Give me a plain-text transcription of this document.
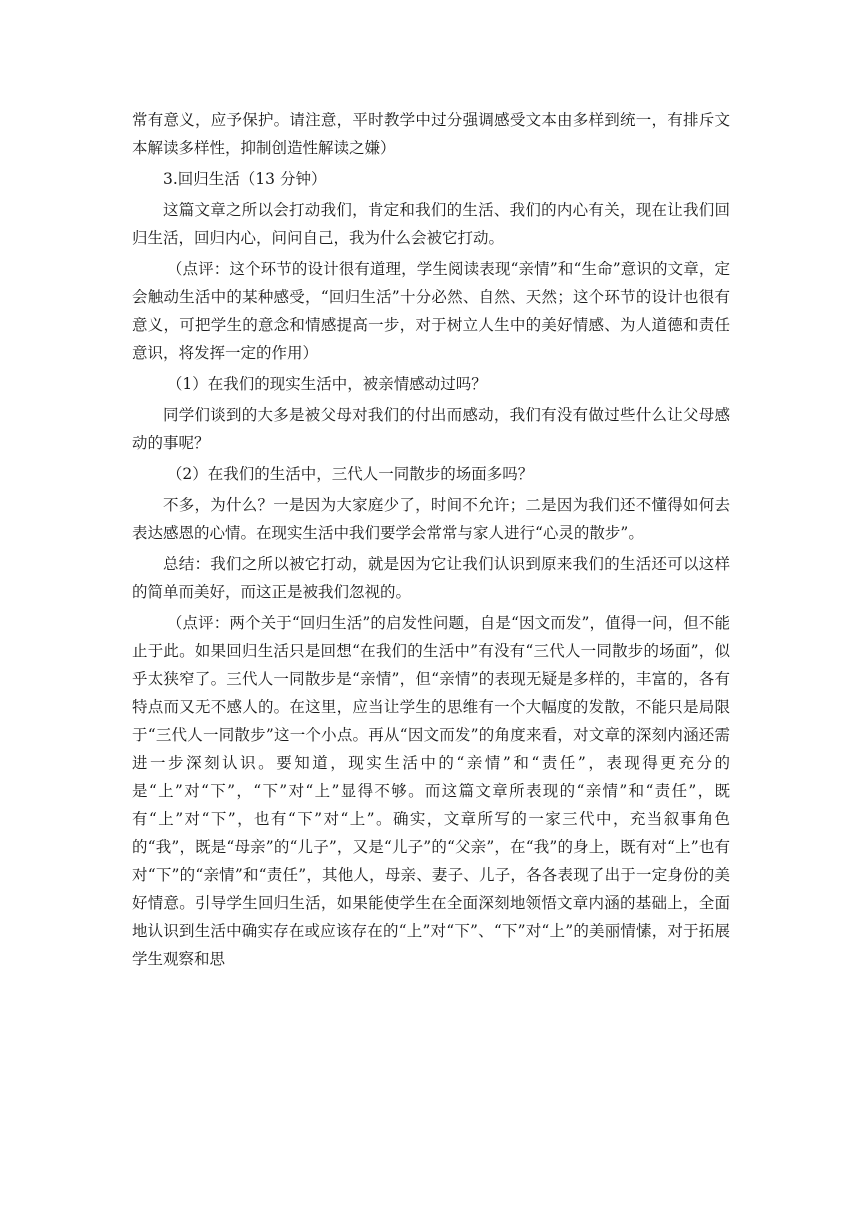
常有意义，应予保护。请注意，平时教学中过分强调感受文本由多样到统一，有排斥文本解读多样性，抑制创造性解读之嫌）

3.回归生活（13 分钟）

这篇文章之所以会打动我们，肯定和我们的生活、我们的内心有关，现在让我们回归生活，回归内心，问问自己，我为什么会被它打动。

（点评：这个环节的设计很有道理，学生阅读表现“亲情”和“生命”意识的文章，定会触动生活中的某种感受，“回归生活”十分必然、自然、天然；这个环节的设计也很有意义，可把学生的意念和情感提高一步，对于树立人生中的美好情感、为人道德和责任意识，将发挥一定的作用）

（1）在我们的现实生活中，被亲情感动过吗？

同学们谈到的大多是被父母对我们的付出而感动，我们有没有做过些什么让父母感动的事呢？

（2）在我们的生活中，三代人一同散步的场面多吗？

不多，为什么？一是因为大家庭少了，时间不允许；二是因为我们还不懂得如何去表达感恩的心情。在现实生活中我们要学会常常与家人进行“心灵的散步”。

总结：我们之所以被它打动，就是因为它让我们认识到原来我们的生活还可以这样的简单而美好，而这正是被我们忽视的。

（点评：两个关于“回归生活”的启发性问题，自是“因文而发”，值得一问，但不能止于此。如果回归生活只是回想“在我们的生活中”有没有“三代人一同散步的场面”，似乎太狭窄了。三代人一同散步是“亲情”，但“亲情”的表现无疑是多样的，丰富的，各有特点而又无不感人的。在这里，应当让学生的思维有一个大幅度的发散，不能只是局限于“三代人一同散步”这一个小点。再从“因文而发”的角度来看，对文章的深刻内涵还需进一步深刻认识。要知道，现实生活中的“亲情”和“责任”，表现得更充分的是“上”对“下”，“下”对“上”显得不够。而这篇文章所表现的“亲情”和“责任”，既有“上”对“下”，也有“下”对“上”。确实，文章所写的一家三代中，充当叙事角色的“我”，既是“母亲”的“儿子”，又是“儿子”的“父亲”，在“我”的身上，既有对“上”也有对“下”的“亲情”和“责任”，其他人，母亲、妻子、儿子，各各表现了出于一定身份的美好情意。引导学生回归生活，如果能使学生在全面深刻地领悟文章内涵的基础上，全面地认识到生活中确实存在或应该存在的“上”对“下”、“下”对“上”的美丽情愫，对于拓展学生观察和思
